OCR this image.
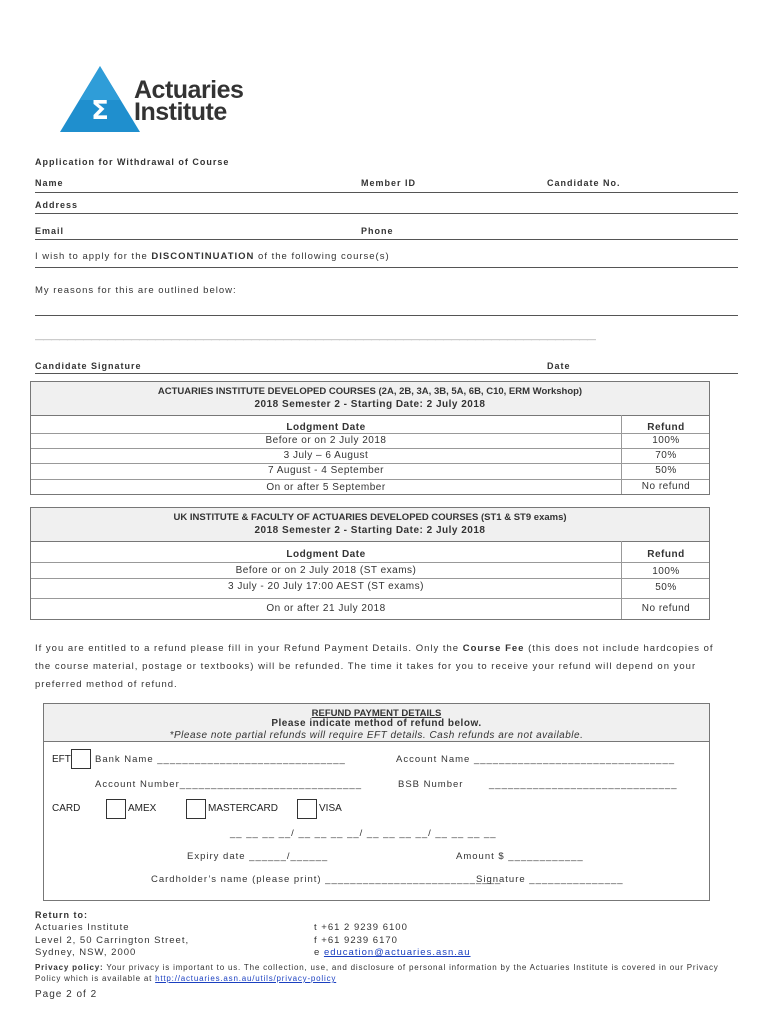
Σ
Actuaries
Institute
Application for Withdrawal of Course
Name	Member ID	Candidate No.
Address
Email	Phone
I wish to apply for the DISCONTINUATION of the following course(s)
My reasons for this are outlined below:
——————————————————————————————————————————————————————————————————————
Candidate Signature	Date
ACTUARIES INSTITUTE DEVELOPED COURSES (2A, 2B, 3A, 3B, 5A, 6B, C10, ERM Workshop)
2018 Semester 2 - Starting Date: 2 July 2018
Lodgment Date	Refund
Before or on 2 July 2018	100%
3 July – 6 August	70%
7 August - 4 September	50%
On or after 5 September	No refund
UK INSTITUTE & FACULTY OF ACTUARIES DEVELOPED COURSES (ST1 & ST9 exams)
2018 Semester 2 - Starting Date: 2 July 2018
Lodgment Date	Refund
Before or on 2 July 2018 (ST exams)	100%
3 July - 20 July 17:00 AEST (ST exams)	50%
On or after 21 July 2018	No refund
If you are entitled to a refund please fill in your Refund Payment Details. Only the Course Fee (this does not include hardcopies of the course material, postage or textbooks) will be refunded. The time it takes for you to receive your refund will depend on your preferred method of refund.
REFUND PAYMENT DETAILS
Please indicate method of refund below.
*Please note partial refunds will require EFT details. Cash refunds are not available.
EFT	Bank Name ______________________________	Account Name ________________________________
Account Number_____________________________	BSB Number	______________________________
CARD	AMEX	MASTERCARD	VISA
__ __ __ __/ __ __ __ __/ __ __ __ __/ __ __ __ __
Expiry date ______/______	Amount $ ____________
Cardholder’s name (please print) ____________________________
Signature _______________
Return to:
Actuaries Institute
Level 2, 50 Carrington Street,
Sydney, NSW, 2000
t +61 2 9239 6100
f +61 9239 6170
e education@actuaries.asn.au
Privacy policy: Your privacy is important to us. The collection, use, and disclosure of personal information by the Actuaries Institute is covered in our Privacy Policy which is available at http://actuaries.asn.au/utils/privacy-policy
Page 2 of 2
